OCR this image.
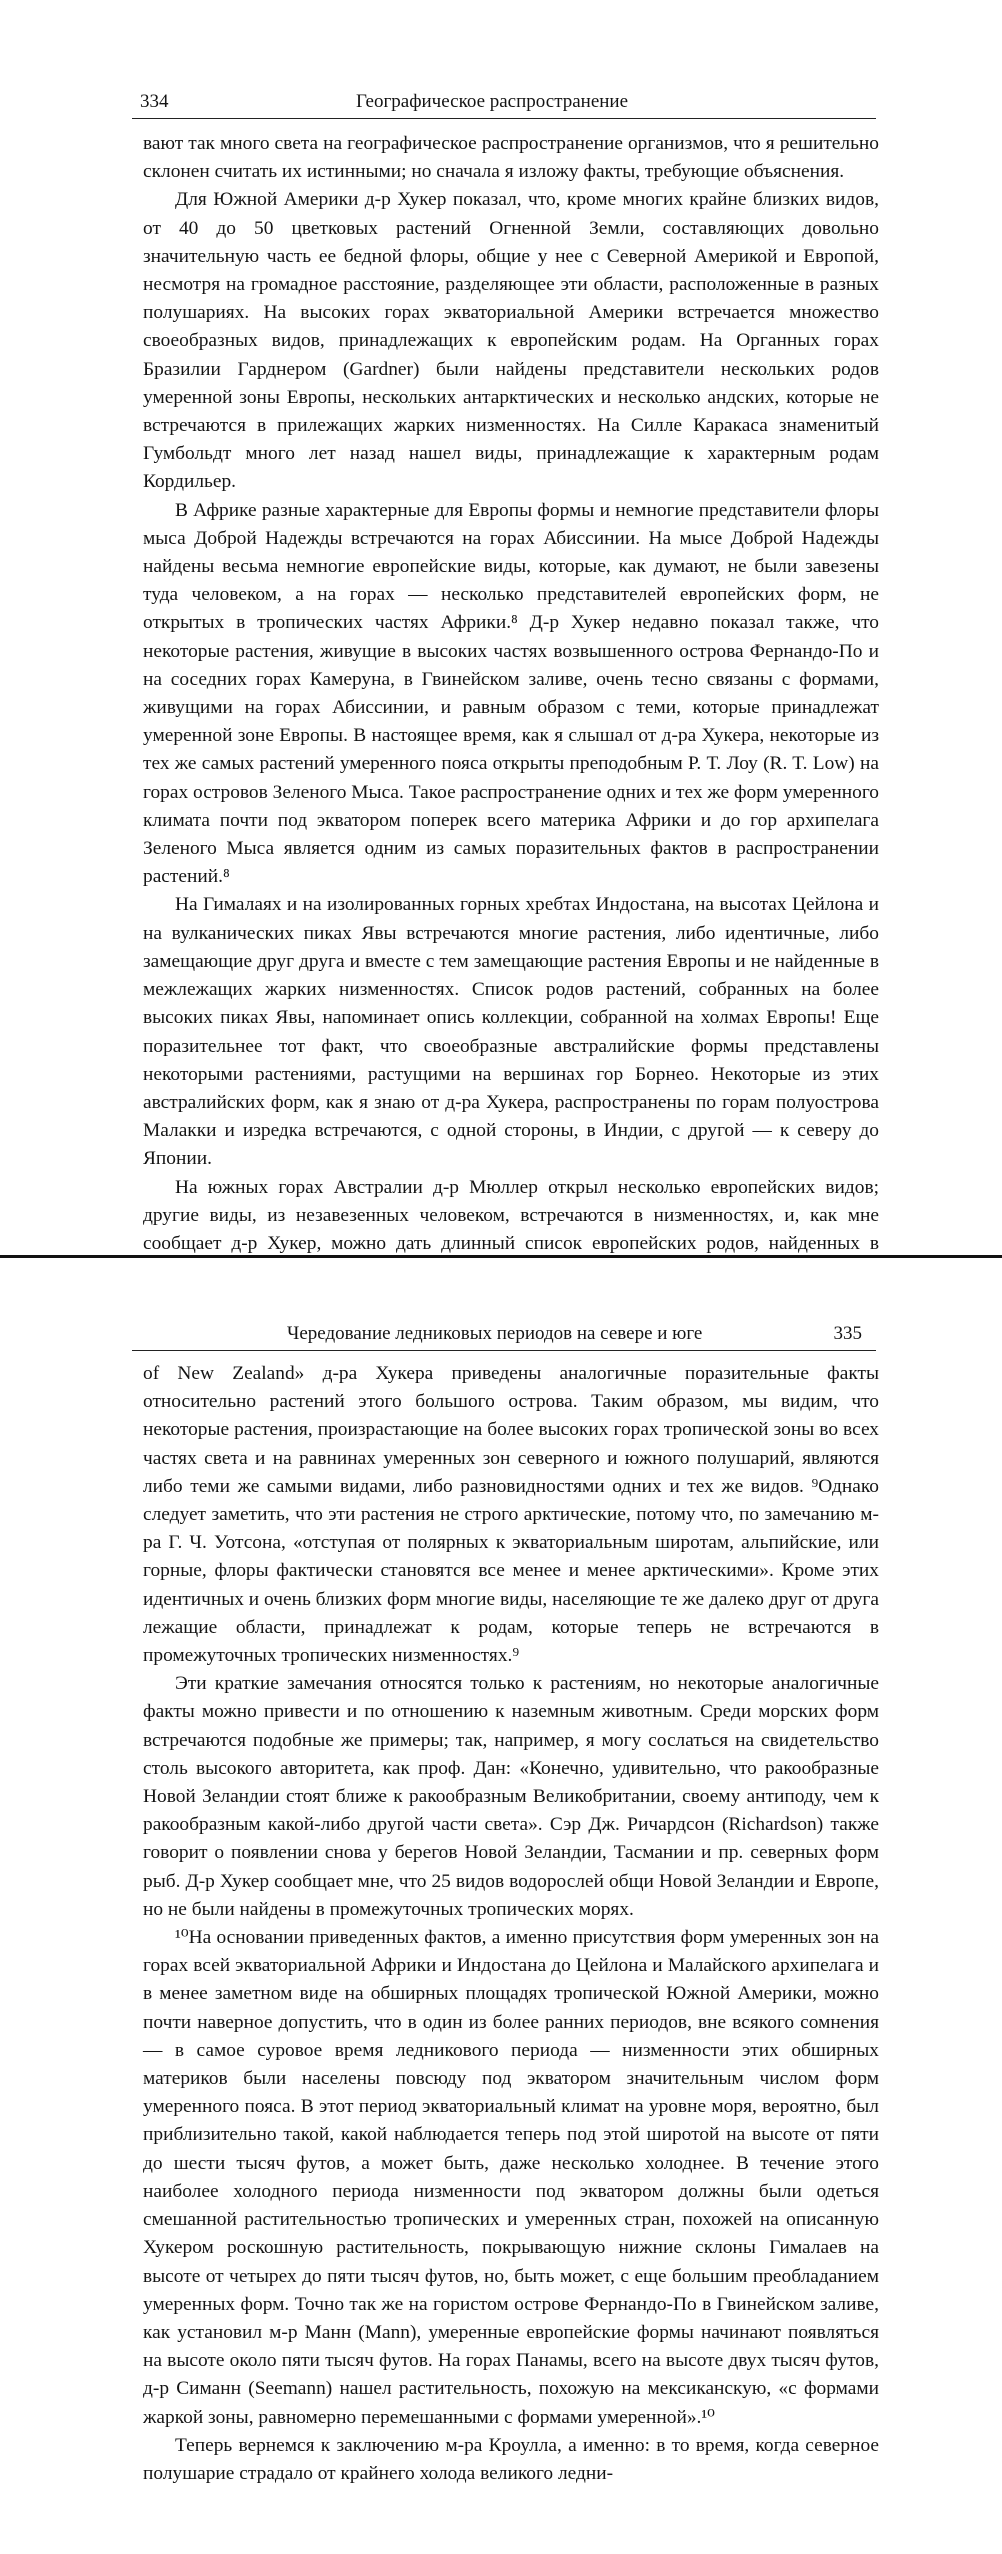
334	Географическое распространение

вают так много света на географическое распространение организмов, что я решительно склонен считать их истинными; но сначала я изложу факты, требующие объяснения.

Для Южной Америки д-р Хукер показал, что, кроме многих крайне близких видов, от 40 до 50 цветковых растений Огненной Земли, составляющих довольно значительную часть ее бедной флоры, общие у нее с Северной Америкой и Европой, несмотря на громадное расстояние, разделяющее эти области, расположенные в разных полушариях. На высоких горах экваториальной Америки встречается множество своеобразных видов, принадлежащих к европейским родам. На Органных горах Бразилии Гарднером (Gardner) были найдены представители нескольких родов умеренной зоны Европы, нескольких антарктических и несколько андских, которые не встречаются в прилежащих жарких низменностях. На Силле Каракаса знаменитый Гумбольдт много лет назад нашел виды, принадлежащие к характерным родам Кордильер.

В Африке разные характерные для Европы формы и немногие представители флоры мыса Доброй Надежды встречаются на горах Абиссинии. На мысе Доброй Надежды найдены весьма немногие европейские виды, которые, как думают, не были завезены туда человеком, а на горах — несколько представителей европейских форм, не открытых в тропических частях Африки.⁸ Д-р Хукер недавно показал также, что некоторые растения, живущие в высоких частях возвышенного острова Фернандо-По и на соседних горах Камеруна, в Гвинейском заливе, очень тесно связаны с формами, живущими на горах Абиссинии, и равным образом с теми, которые принадлежат умеренной зоне Европы. В настоящее время, как я слышал от д-ра Хукера, некоторые из тех же самых растений умеренного пояса открыты преподобным Р. Т. Лоу (R. T. Low) на горах островов Зеленого Мыса. Такое распространение одних и тех же форм умеренного климата почти под экватором поперек всего материка Африки и до гор архипелага Зеленого Мыса является одним из самых поразительных фактов в распространении растений.⁸

На Гималаях и на изолированных горных хребтах Индостана, на высотах Цейлона и на вулканических пиках Явы встречаются многие растения, либо идентичные, либо замещающие друг друга и вместе с тем замещающие растения Европы и не найденные в межлежащих жарких низменностях. Список родов растений, собранных на более высоких пиках Явы, напоминает опись коллекции, собранной на холмах Европы! Еще поразительнее тот факт, что своеобразные австралийские формы представлены некоторыми растениями, растущими на вершинах гор Борнео. Некоторые из этих австралийских форм, как я знаю от д-ра Хукера, распространены по горам полуострова Малакки и изредка встречаются, с одной стороны, в Индии, с другой — к северу до Японии.

На южных горах Австралии д-р Мюллер открыл несколько европейских видов; другие виды, из незавезенных человеком, встречаются в низменностях, и, как мне сообщает д-р Хукер, можно дать длинный список европейских родов, найденных в

Чередование ледниковых периодов на севере и юге	335

of New Zealand» д-ра Хукера приведены аналогичные поразительные факты относительно растений этого большого острова. Таким образом, мы видим, что некоторые растения, произрастающие на более высоких горах тропической зоны во всех частях света и на равнинах умеренных зон северного и южного полушарий, являются либо теми же самыми видами, либо разновидностями одних и тех же видов. ⁹Однако следует заметить, что эти растения не строго арктические, потому что, по замечанию м-ра Г. Ч. Уотсона, «отступая от полярных к экваториальным широтам, альпийские, или горные, флоры фактически становятся все менее и менее арктическими». Кроме этих идентичных и очень близких форм многие виды, населяющие те же далеко друг от друга лежащие области, принадлежат к родам, которые теперь не встречаются в промежуточных тропических низменностях.⁹

Эти краткие замечания относятся только к растениям, но некоторые аналогичные факты можно привести и по отношению к наземным животным. Среди морских форм встречаются подобные же примеры; так, например, я могу сослаться на свидетельство столь высокого авторитета, как проф. Дан: «Конечно, удивительно, что ракообразные Новой Зеландии стоят ближе к ракообразным Великобритании, своему антиподу, чем к ракообразным какой-либо другой части света». Сэр Дж. Ричардсон (Richardson) также говорит о появлении снова у берегов Новой Зеландии, Тасмании и пр. северных форм рыб. Д-р Хукер сообщает мне, что 25 видов водорослей общи Новой Зеландии и Европе, но не были найдены в промежуточных тропических морях.

¹⁰На основании приведенных фактов, а именно присутствия форм умеренных зон на горах всей экваториальной Африки и Индостана до Цейлона и Малайского архипелага и в менее заметном виде на обширных площадях тропической Южной Америки, можно почти наверное допустить, что в один из более ранних периодов, вне всякого сомнения — в самое суровое время ледникового периода — низменности этих обширных материков были населены повсюду под экватором значительным числом форм умеренного пояса. В этот период экваториальный климат на уровне моря, вероятно, был приблизительно такой, какой наблюдается теперь под этой широтой на высоте от пяти до шести тысяч футов, а может быть, даже несколько холоднее. В течение этого наиболее холодного периода низменности под экватором должны были одеться смешанной растительностью тропических и умеренных стран, похожей на описанную Хукером роскошную растительность, покрывающую нижние склоны Гималаев на высоте от четырех до пяти тысяч футов, но, быть может, с еще большим преобладанием умеренных форм. Точно так же на гористом острове Фернандо-По в Гвинейском заливе, как установил м-р Манн (Mann), умеренные европейские формы начинают появляться на высоте около пяти тысяч футов. На горах Панамы, всего на высоте двух тысяч футов, д-р Симанн (Seemann) нашел растительность, похожую на мексиканскую, «с формами жаркой зоны, равномерно перемешанными с формами умеренной».¹⁰

Теперь вернемся к заключению м-ра Кроулла, а именно: в то время, когда северное полушарие страдало от крайнего холода великого ледни-
